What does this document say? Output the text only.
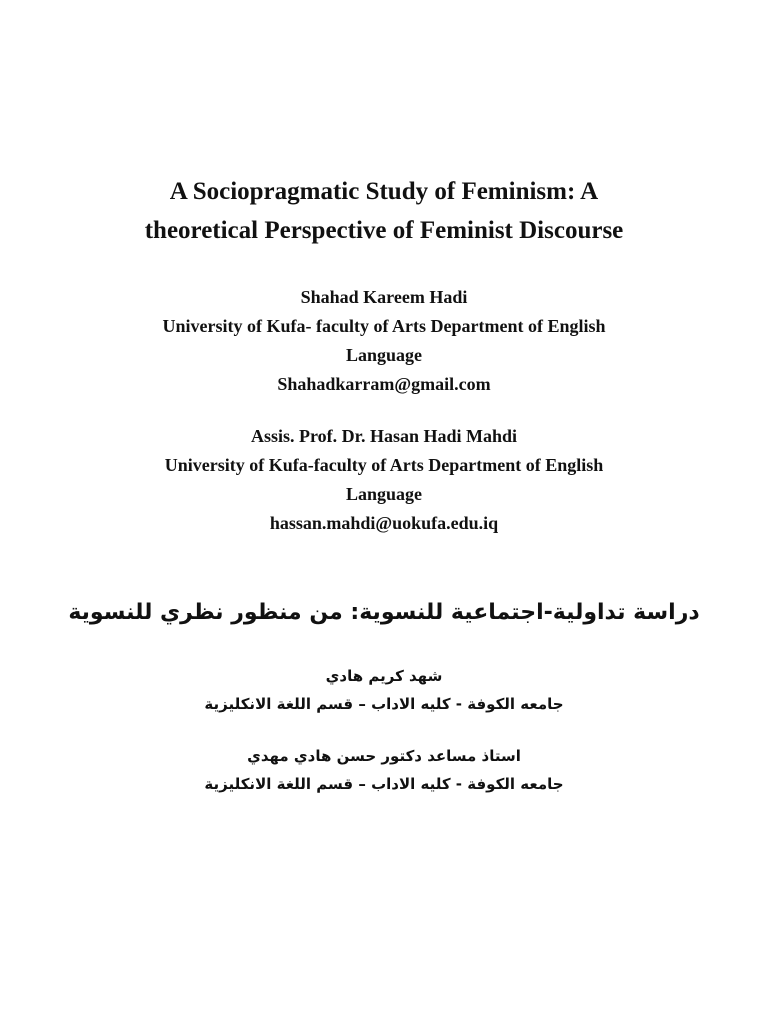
A Sociopragmatic Study of Feminism: A
theoretical Perspective of Feminist Discourse
Shahad Kareem Hadi
University of Kufa- faculty of Arts Department of English
Language
Shahadkarram@gmail.com
Assis. Prof. Dr. Hasan Hadi Mahdi
University of Kufa-faculty of Arts Department of English
Language
hassan.mahdi@uokufa.edu.iq
دراسة تداولية-اجتماعية للنسوية: من منظور نظري للنسوية
شهد كريم هادي
جامعه الكوفة - كليه الاداب – قسم اللغة الانكليزية
استاذ مساعد دكتور حسن هادي مهدي
جامعه الكوفة - كليه الاداب – قسم اللغة الانكليزية
